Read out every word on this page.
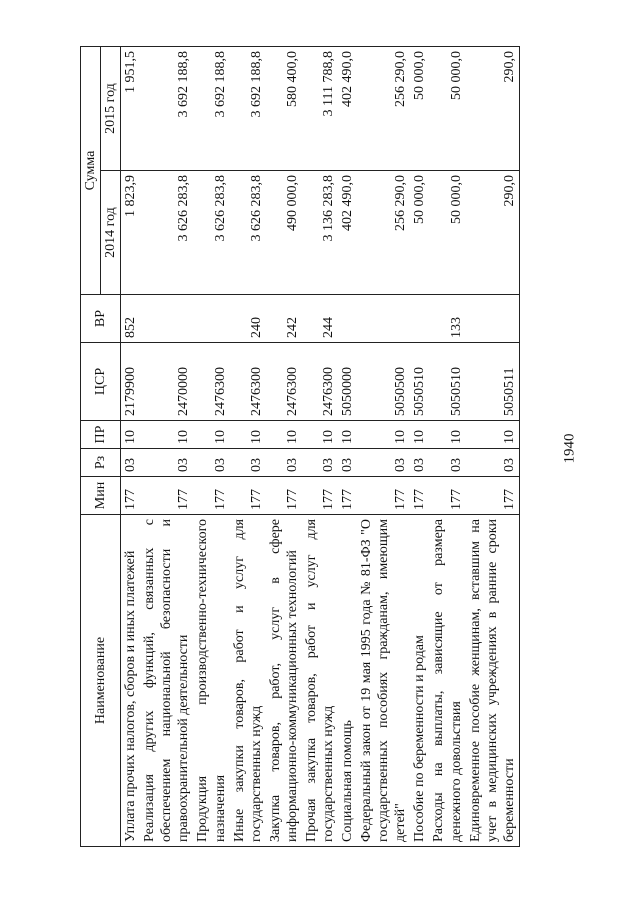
1940
Наименование	Мин	Рз	ПР	ЦСР	ВР	Сумма	
						2014 год	2015 год
Уплата прочих налогов, сборов и иных платежей	177	03	10	2179900	852	1 823,9	1 951,5
Реализация других функций, связанных с обеспечением национальной безопасности и правоохранительной деятельности	177	03	10	2470000		3 626 283,8	3 692 188,8
Продукция производственно-технического назначения	177	03	10	2476300		3 626 283,8	3 692 188,8
Иные закупки товаров, работ и услуг для государственных нужд	177	03	10	2476300	240	3 626 283,8	3 692 188,8
Закупка товаров, работ, услуг в сфере информационно-коммуникационных технологий	177	03	10	2476300	242	490 000,0	580 400,0
Прочая закупка товаров, работ и услуг для государственных нужд	177	03	10	2476300	244	3 136 283,8	3 111 788,8
Социальная помощь	177	03	10	5050000		402 490,0	402 490,0
Федеральный закон от 19 мая 1995 года № 81-ФЗ "О государственных пособиях гражданам, имеющим детей"	177	03	10	5050500		256 290,0	256 290,0
Пособие по беременности и родам	177	03	10	5050510		50 000,0	50 000,0
Расходы на выплаты, зависящие от размера денежного довольствия	177	03	10	5050510	133	50 000,0	50 000,0
Единовременное пособие женщинам, вставшим на учет в медицинских учреждениях в ранние сроки беременности	177	03	10	5050511		290,0	290,0
